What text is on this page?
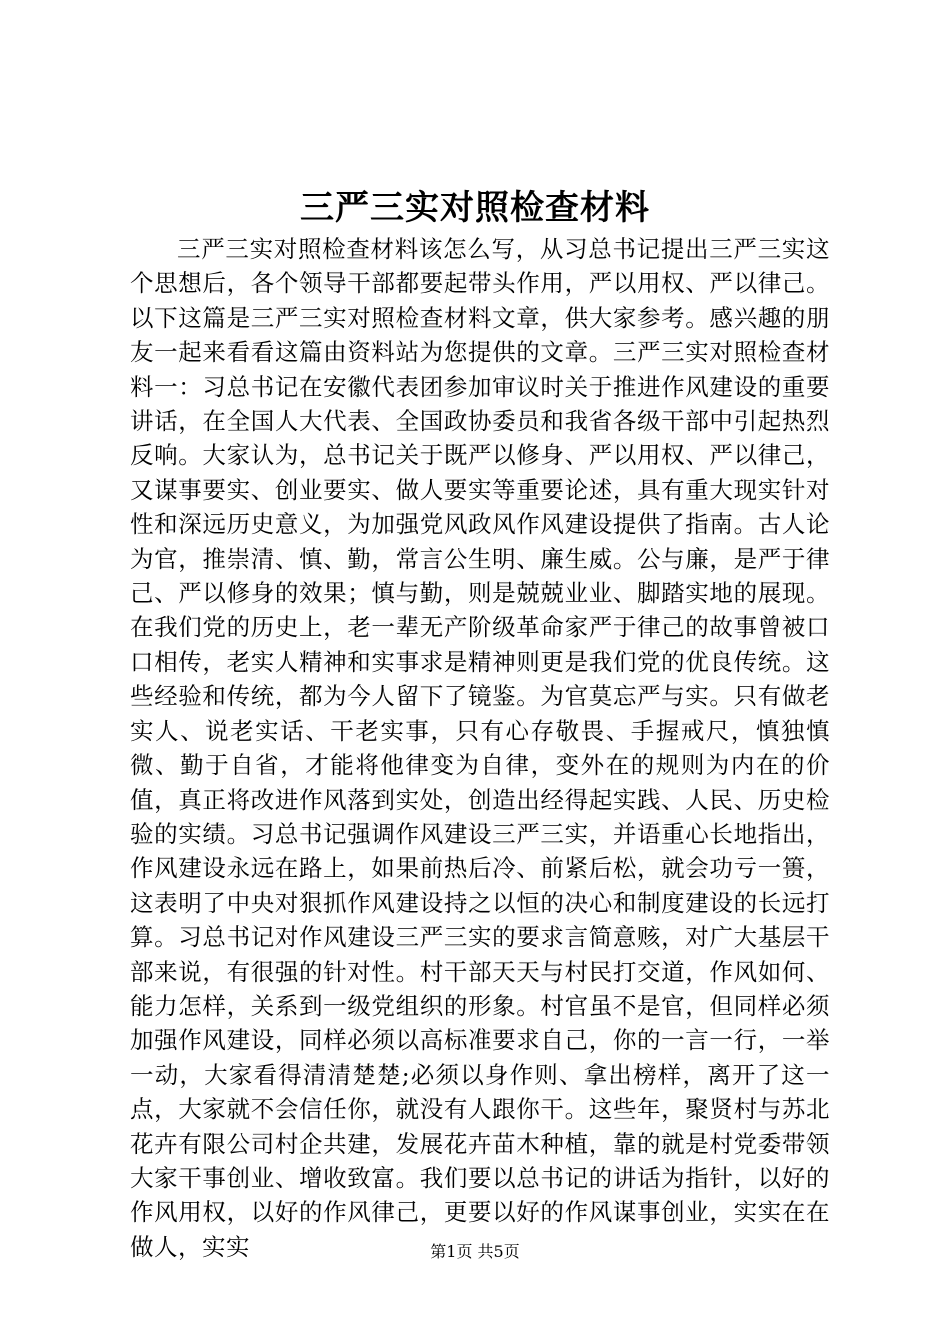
三严三实对照检查材料

三严三实对照检查材料该怎么写，从习总书记提出三严三实这个思想后，各个领导干部都要起带头作用，严以用权、严以律己。以下这篇是三严三实对照检查材料文章，供大家参考。感兴趣的朋友一起来看看这篇由资料站为您提供的文章。三严三实对照检查材料一：习总书记在安徽代表团参加审议时关于推进作风建设的重要讲话，在全国人大代表、全国政协委员和我省各级干部中引起热烈反响。大家认为，总书记关于既严以修身、严以用权、严以律己，又谋事要实、创业要实、做人要实等重要论述，具有重大现实针对性和深远历史意义，为加强党风政风作风建设提供了指南。古人论为官，推崇清、慎、勤，常言公生明、廉生威。公与廉，是严于律己、严以修身的效果；慎与勤，则是兢兢业业、脚踏实地的展现。在我们党的历史上，老一辈无产阶级革命家严于律己的故事曾被口口相传，老实人精神和实事求是精神则更是我们党的优良传统。这些经验和传统，都为今人留下了镜鉴。为官莫忘严与实。只有做老实人、说老实话、干老实事，只有心存敬畏、手握戒尺，慎独慎微、勤于自省，才能将他律变为自律，变外在的规则为内在的价值，真正将改进作风落到实处，创造出经得起实践、人民、历史检验的实绩。习总书记强调作风建设三严三实，并语重心长地指出，作风建设永远在路上，如果前热后冷、前紧后松，就会功亏一篑，这表明了中央对狠抓作风建设持之以恒的决心和制度建设的长远打算。习总书记对作风建设三严三实的要求言简意赅，对广大基层干部来说，有很强的针对性。村干部天天与村民打交道，作风如何、能力怎样，关系到一级党组织的形象。村官虽不是官，但同样必须加强作风建设，同样必须以高标准要求自己，你的一言一行，一举一动，大家看得清清楚楚;必须以身作则、拿出榜样，离开了这一点，大家就不会信任你，就没有人跟你干。这些年，聚贤村与苏北花卉有限公司村企共建，发展花卉苗木种植，靠的就是村党委带领大家干事创业、增收致富。我们要以总书记的讲话为指针，以好的作风用权，以好的作风律己，更要以好的作风谋事创业，实实在在做人，实实	第1页 共5页
